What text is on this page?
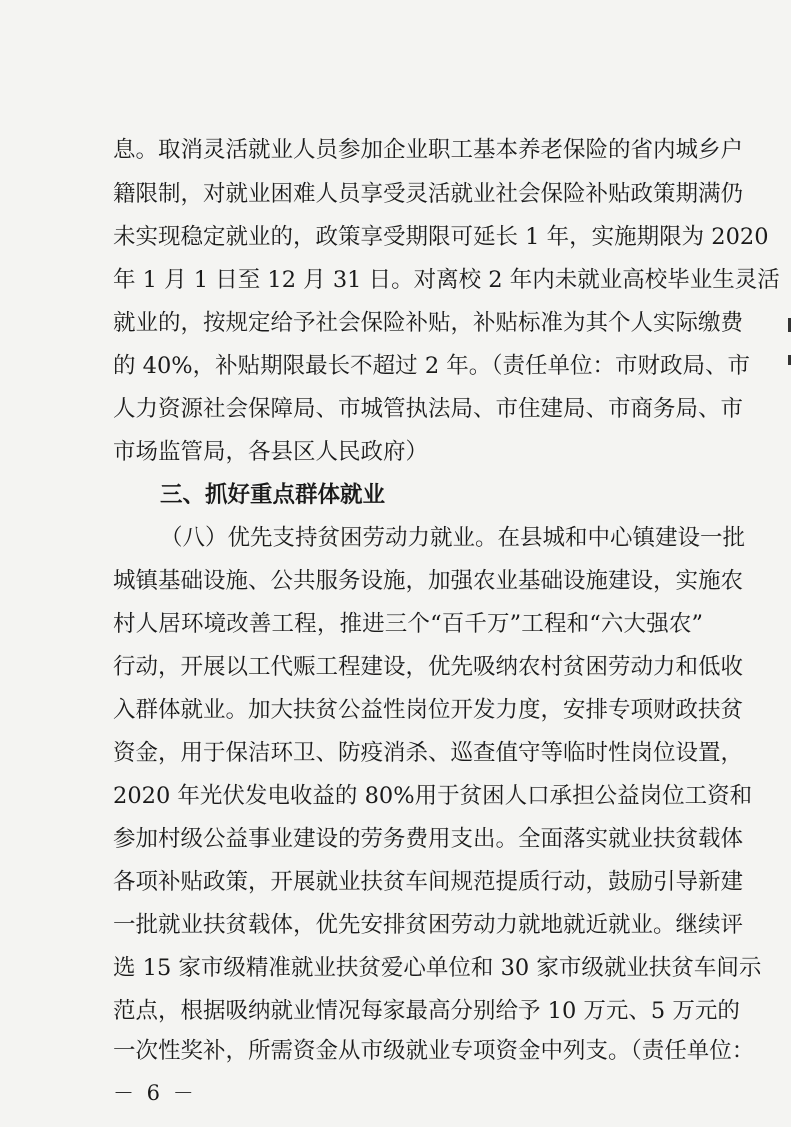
息。取消灵活就业人员参加企业职工基本养老保险的省内城乡户
籍限制，对就业困难人员享受灵活就业社会保险补贴政策期满仍
未实现稳定就业的，政策享受期限可延长 1 年，实施期限为 2020
年 1 月 1 日至 12 月 31 日。对离校 2 年内未就业高校毕业生灵活
就业的，按规定给予社会保险补贴，补贴标准为其个人实际缴费
的 40%，补贴期限最长不超过 2 年。（责任单位：市财政局、市
人力资源社会保障局、市城管执法局、市住建局、市商务局、市
市场监管局，各县区人民政府）
三、抓好重点群体就业
（八）优先支持贫困劳动力就业。在县城和中心镇建设一批
城镇基础设施、公共服务设施，加强农业基础设施建设，实施农
村人居环境改善工程，推进三个“百千万”工程和“六大强农”
行动，开展以工代赈工程建设，优先吸纳农村贫困劳动力和低收
入群体就业。加大扶贫公益性岗位开发力度，安排专项财政扶贫
资金，用于保洁环卫、防疫消杀、巡查值守等临时性岗位设置，
2020 年光伏发电收益的 80%用于贫困人口承担公益岗位工资和
参加村级公益事业建设的劳务费用支出。全面落实就业扶贫载体
各项补贴政策，开展就业扶贫车间规范提质行动，鼓励引导新建
一批就业扶贫载体，优先安排贫困劳动力就地就近就业。继续评
选 15 家市级精准就业扶贫爱心单位和 30 家市级就业扶贫车间示
范点，根据吸纳就业情况每家最高分别给予 10 万元、5 万元的
一次性奖补，所需资金从市级就业专项资金中列支。（责任单位：
－ 6 －
